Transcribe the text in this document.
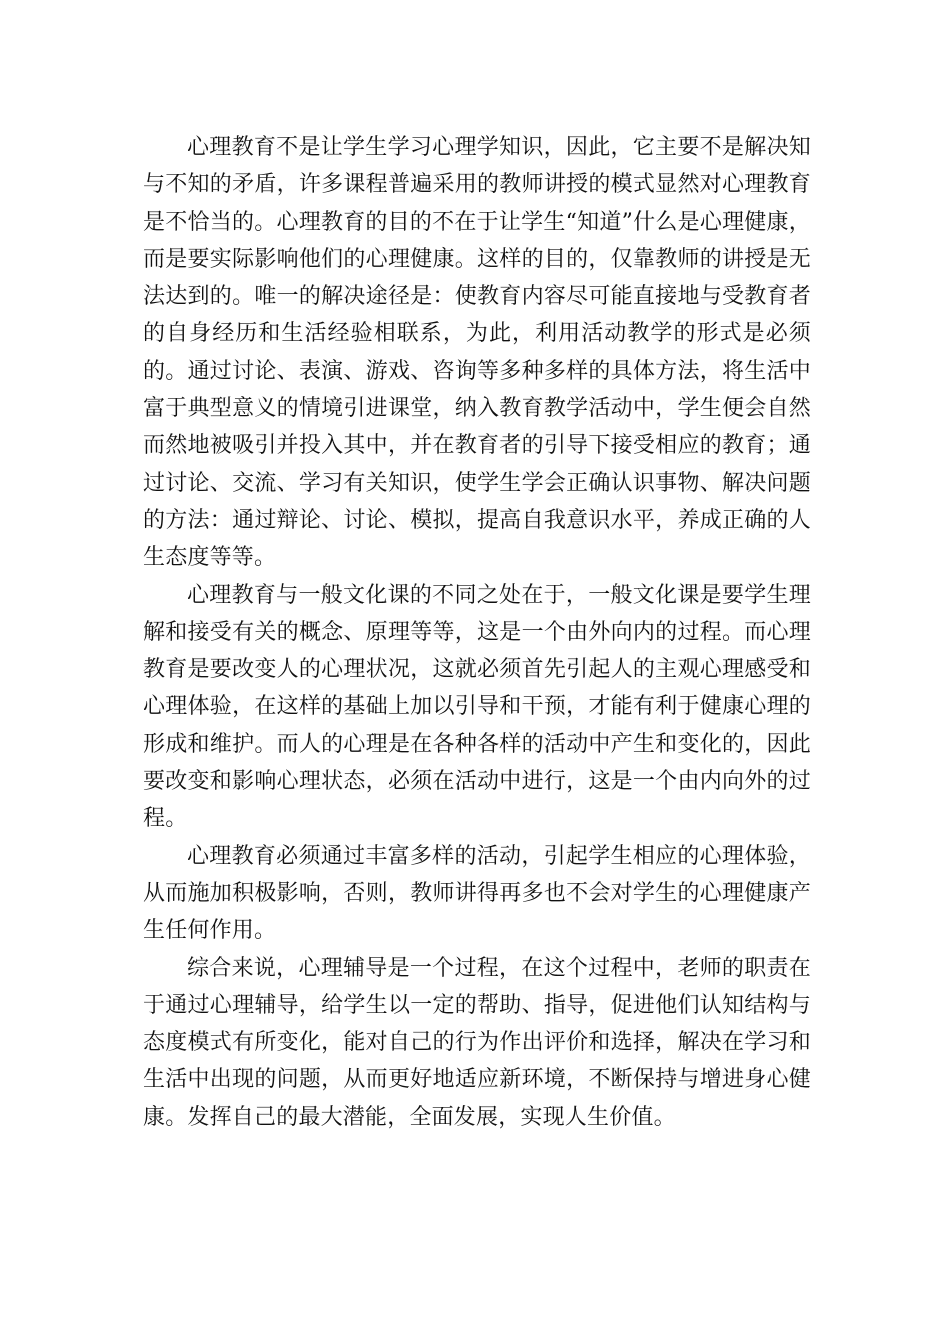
心理教育不是让学生学习心理学知识，因此，它主要不是解决知与不知的矛盾，许多课程普遍采用的教师讲授的模式显然对心理教育是不恰当的。心理教育的目的不在于让学生“知道”什么是心理健康，而是要实际影响他们的心理健康。这样的目的，仅靠教师的讲授是无法达到的。唯一的解决途径是：使教育内容尽可能直接地与受教育者的自身经历和生活经验相联系，为此，利用活动教学的形式是必须的。通过讨论、表演、游戏、咨询等多种多样的具体方法，将生活中富于典型意义的情境引进课堂，纳入教育教学活动中，学生便会自然而然地被吸引并投入其中，并在教育者的引导下接受相应的教育；通过讨论、交流、学习有关知识，使学生学会正确认识事物、解决问题的方法：通过辩论、讨论、模拟，提高自我意识水平，养成正确的人生态度等等。

心理教育与一般文化课的不同之处在于，一般文化课是要学生理解和接受有关的概念、原理等等，这是一个由外向内的过程。而心理教育是要改变人的心理状况，这就必须首先引起人的主观心理感受和心理体验，在这样的基础上加以引导和干预，才能有利于健康心理的形成和维护。而人的心理是在各种各样的活动中产生和变化的，因此要改变和影响心理状态，必须在活动中进行，这是一个由内向外的过程。

心理教育必须通过丰富多样的活动，引起学生相应的心理体验，从而施加积极影响，否则，教师讲得再多也不会对学生的心理健康产生任何作用。

综合来说，心理辅导是一个过程，在这个过程中，老师的职责在于通过心理辅导，给学生以一定的帮助、指导，促进他们认知结构与态度模式有所变化，能对自己的行为作出评价和选择，解决在学习和生活中出现的问题，从而更好地适应新环境，不断保持与增进身心健康。发挥自己的最大潜能，全面发展，实现人生价值。
